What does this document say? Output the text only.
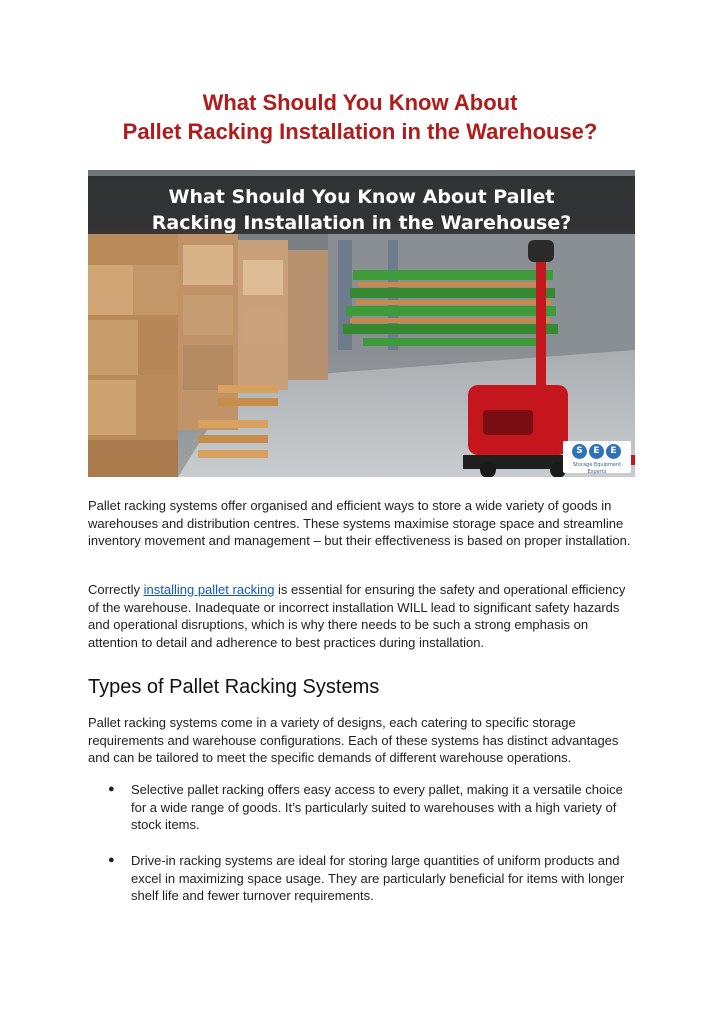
What Should You Know About
Pallet Racking Installation in the Warehouse?
What Should You Know About Pallet
Racking Installation in the Warehouse?
S	E	E
Storage Equipment Experts

Pallet racking systems offer organised and efficient ways to store a wide variety of goods in warehouses and distribution centres. These systems maximise storage space and streamline inventory movement and management – but their effectiveness is based on proper installation.

Correctly installing pallet racking is essential for ensuring the safety and operational efficiency of the warehouse. Inadequate or incorrect installation WILL lead to significant safety hazards and operational disruptions, which is why there needs to be such a strong emphasis on attention to detail and adherence to best practices during installation.

Types of Pallet Racking Systems

Pallet racking systems come in a variety of designs, each catering to specific storage requirements and warehouse configurations. Each of these systems has distinct advantages and can be tailored to meet the specific demands of different warehouse operations.

● Selective pallet racking offers easy access to every pallet, making it a versatile choice for a wide range of goods. It’s particularly suited to warehouses with a high variety of stock items.
● Drive-in racking systems are ideal for storing large quantities of uniform products and excel in maximizing space usage. They are particularly beneficial for items with longer shelf life and fewer turnover requirements.
